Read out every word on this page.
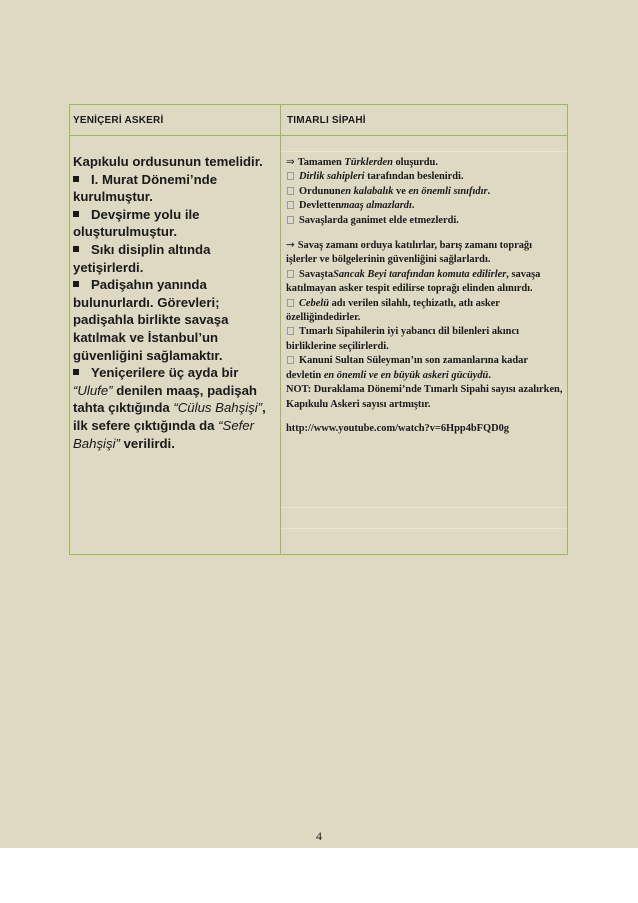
YENİÇERİ ASKERİ	TIMARLI SİPAHİ

Kapıkulu ordusunun temelidir.

I. Murat Dönemi’nde kurulmuştur.

Devşirme yolu ile oluşturulmuştur.

Sıkı disiplin altında yetişirlerdi.

Padişahın yanında bulunurlardı. Görevleri; padişahla birlikte savaşa katılmak ve İstanbul’un güvenliğini sağlamaktır.

Yeniçerilere üç ayda bir “Ulufe” denilen maaş, padişah tahta çıktığında “Cülus Bahşişi”, ilk sefere çıktığında da “Sefer Bahşişi” verilirdi.

⇒ Tamamen Türklerden oluşurdu.

Dirlik sahipleri tarafından beslenirdi.

Ordununen kalabalık ve en önemli sınıfıdır.

Devlettenmaaş almazlardı.

Savaşlarda ganimet elde etmezlerdi.

→ Savaş zamanı orduya katılırlar, barış zamanı toprağı işlerler ve bölgelerinin güvenliğini sağlarlardı.

SavaştaSancak Beyi tarafından komuta edilirler, savaşa katılmayan asker tespit edilirse toprağı elinden alınırdı.

Cebelü adı verilen silahlı, teçhizatlı, atlı asker özelliğindedirler.

Tımarlı Sipahilerin iyi yabancı dil bilenleri akıncı birliklerine seçilirlerdi.

Kanuni Sultan Süleyman’ın son zamanlarına kadar devletin en önemli ve en büyük askeri gücüydü.

NOT: Duraklama Dönemi’nde Tımarlı Sipahi sayısı azalırken, Kapıkulu Askeri sayısı artmıştır.

http://www.youtube.com/watch?v=6Hpp4bFQD0g

4
